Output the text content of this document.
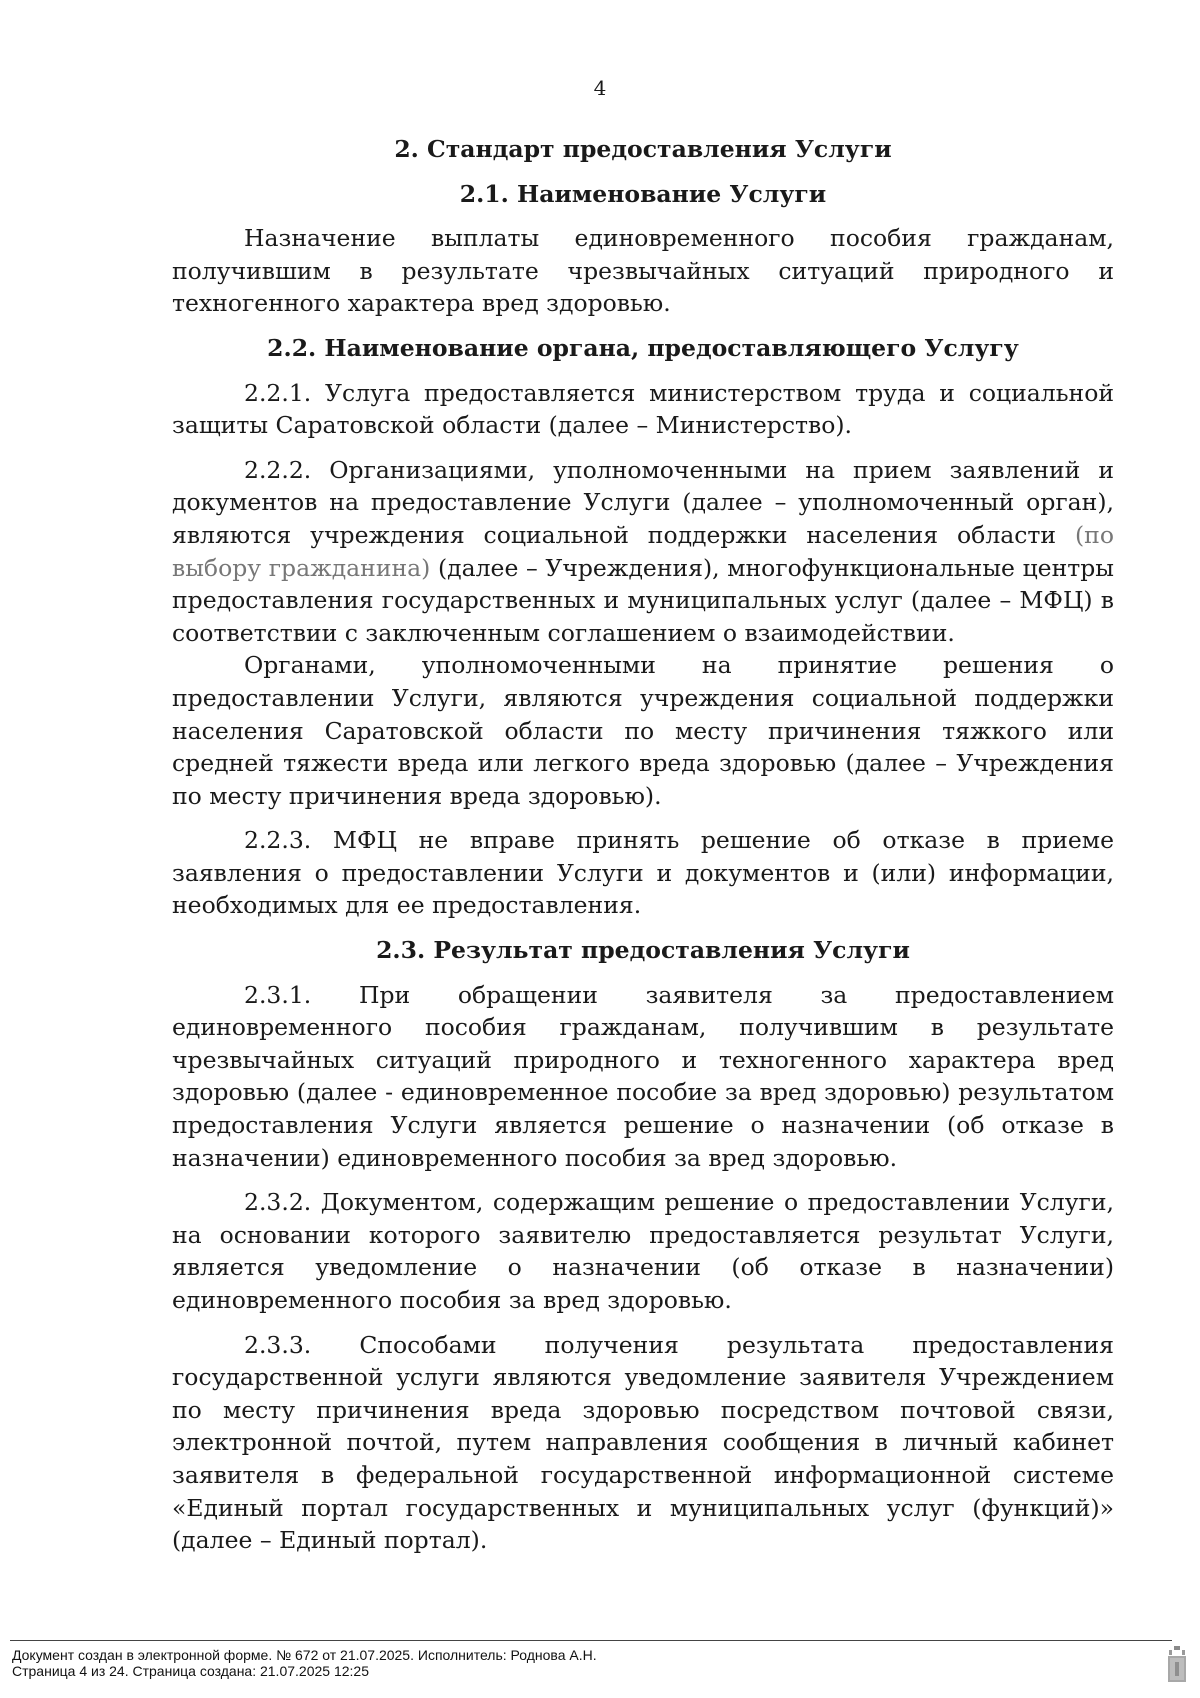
4
2. Стандарт предоставления Услуги
2.1. Наименование Услуги

Назначение выплаты единовременного пособия гражданам, получившим в результате чрезвычайных ситуаций природного и техногенного характера вред здоровью.

2.2. Наименование органа, предоставляющего Услугу

2.2.1. Услуга предоставляется министерством труда и социальной защиты Саратовской области (далее – Министерство).

2.2.2. Организациями, уполномоченными на прием заявлений и документов на предоставление Услуги (далее – уполномоченный орган), являются учреждения социальной поддержки населения области (по выбору гражданина) (далее – Учреждения), многофункциональные центры предоставления государственных и муниципальных услуг (далее – МФЦ) в соответствии с заключенным соглашением о взаимодействии.

Органами, уполномоченными на принятие решения о предоставлении Услуги, являются учреждения социальной поддержки населения Саратовской области по месту причинения тяжкого или средней тяжести вреда или легкого вреда здоровью (далее – Учреждения по месту причинения вреда здоровью).

2.2.3. МФЦ не вправе принять решение об отказе в приеме заявления о предоставлении Услуги и документов и (или) информации, необходимых для ее предоставления.

2.3. Результат предоставления Услуги

2.3.1. При обращении заявителя за предоставлением единовременного пособия гражданам, получившим в результате чрезвычайных ситуаций природного и техногенного характера вред здоровью (далее - единовременное пособие за вред здоровью) результатом предоставления Услуги является решение о назначении (об отказе в назначении) единовременного пособия за вред здоровью.

2.3.2. Документом, содержащим решение о предоставлении Услуги, на основании которого заявителю предоставляется результат Услуги, является уведомление о назначении (об отказе в назначении) единовременного пособия за вред здоровью.

2.3.3. Способами получения результата предоставления государственной услуги являются уведомление заявителя Учреждением по месту причинения вреда здоровью посредством почтовой связи, электронной почтой, путем направления сообщения в личный кабинет заявителя в федеральной государственной информационной системе «Единый портал государственных и муниципальных услуг (функций)» (далее – Единый портал).

Документ создан в электронной форме. № 672 от 21.07.2025. Исполнитель: Роднова А.Н.
Страница 4 из 24. Страница создана: 21.07.2025 12:25
